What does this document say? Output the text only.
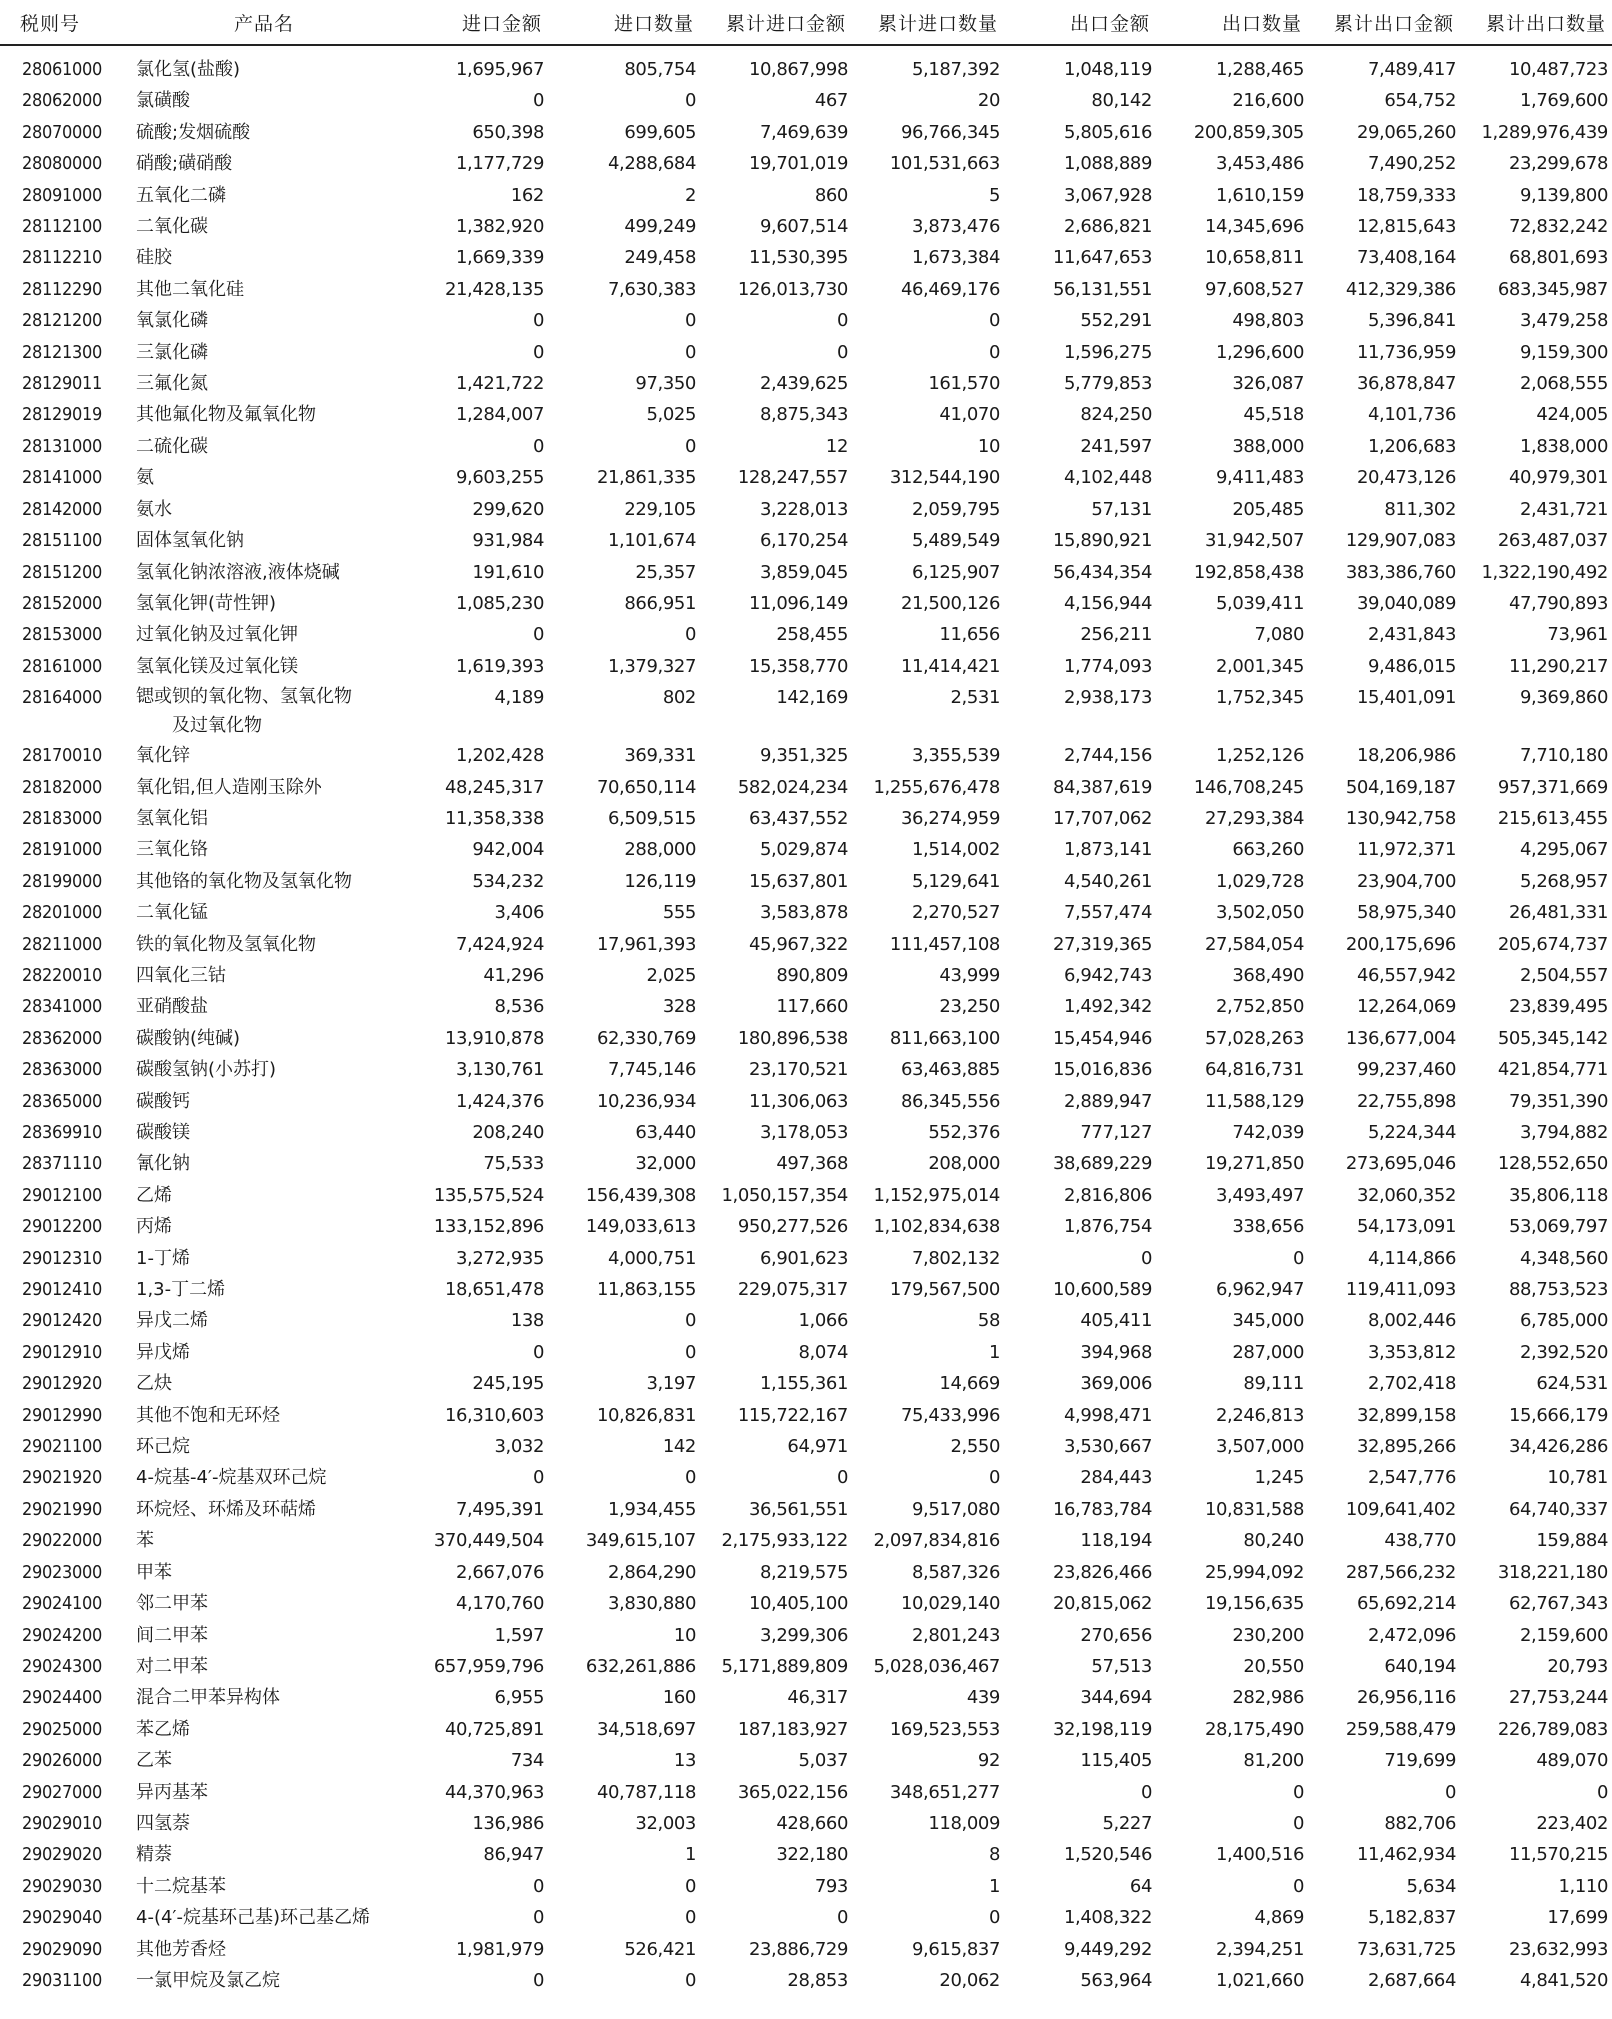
税则号	产品名	进口金额	进口数量	累计进口金额	累计进口数量	出口金额	出口数量	累计出口金额	累计出口数量
28061000	氯化氢(盐酸)	1,695,967	805,754	10,867,998	5,187,392	1,048,119	1,288,465	7,489,417	10,487,723
28062000	氯磺酸	0	0	467	20	80,142	216,600	654,752	1,769,600
28070000	硫酸;发烟硫酸	650,398	699,605	7,469,639	96,766,345	5,805,616	200,859,305	29,065,260	1,289,976,439
28080000	硝酸;磺硝酸	1,177,729	4,288,684	19,701,019	101,531,663	1,088,889	3,453,486	7,490,252	23,299,678
28091000	五氧化二磷	162	2	860	5	3,067,928	1,610,159	18,759,333	9,139,800
28112100	二氧化碳	1,382,920	499,249	9,607,514	3,873,476	2,686,821	14,345,696	12,815,643	72,832,242
28112210	硅胶	1,669,339	249,458	11,530,395	1,673,384	11,647,653	10,658,811	73,408,164	68,801,693
28112290	其他二氧化硅	21,428,135	7,630,383	126,013,730	46,469,176	56,131,551	97,608,527	412,329,386	683,345,987
28121200	氧氯化磷	0	0	0	0	552,291	498,803	5,396,841	3,479,258
28121300	三氯化磷	0	0	0	0	1,596,275	1,296,600	11,736,959	9,159,300
28129011	三氟化氮	1,421,722	97,350	2,439,625	161,570	5,779,853	326,087	36,878,847	2,068,555
28129019	其他氟化物及氟氧化物	1,284,007	5,025	8,875,343	41,070	824,250	45,518	4,101,736	424,005
28131000	二硫化碳	0	0	12	10	241,597	388,000	1,206,683	1,838,000
28141000	氨	9,603,255	21,861,335	128,247,557	312,544,190	4,102,448	9,411,483	20,473,126	40,979,301
28142000	氨水	299,620	229,105	3,228,013	2,059,795	57,131	205,485	811,302	2,431,721
28151100	固体氢氧化钠	931,984	1,101,674	6,170,254	5,489,549	15,890,921	31,942,507	129,907,083	263,487,037
28151200	氢氧化钠浓溶液,液体烧碱	191,610	25,357	3,859,045	6,125,907	56,434,354	192,858,438	383,386,760	1,322,190,492
28152000	氢氧化钾(苛性钾)	1,085,230	866,951	11,096,149	21,500,126	4,156,944	5,039,411	39,040,089	47,790,893
28153000	过氧化钠及过氧化钾	0	0	258,455	11,656	256,211	7,080	2,431,843	73,961
28161000	氢氧化镁及过氧化镁	1,619,393	1,379,327	15,358,770	11,414,421	1,774,093	2,001,345	9,486,015	11,290,217
28164000	锶或钡的氧化物、氢氧化物
及过氧化物	4,189	802	142,169	2,531	2,938,173	1,752,345	15,401,091	9,369,860
28170010	氧化锌	1,202,428	369,331	9,351,325	3,355,539	2,744,156	1,252,126	18,206,986	7,710,180
28182000	氧化铝,但人造刚玉除外	48,245,317	70,650,114	582,024,234	1,255,676,478	84,387,619	146,708,245	504,169,187	957,371,669
28183000	氢氧化铝	11,358,338	6,509,515	63,437,552	36,274,959	17,707,062	27,293,384	130,942,758	215,613,455
28191000	三氧化铬	942,004	288,000	5,029,874	1,514,002	1,873,141	663,260	11,972,371	4,295,067
28199000	其他铬的氧化物及氢氧化物	534,232	126,119	15,637,801	5,129,641	4,540,261	1,029,728	23,904,700	5,268,957
28201000	二氧化锰	3,406	555	3,583,878	2,270,527	7,557,474	3,502,050	58,975,340	26,481,331
28211000	铁的氧化物及氢氧化物	7,424,924	17,961,393	45,967,322	111,457,108	27,319,365	27,584,054	200,175,696	205,674,737
28220010	四氧化三钴	41,296	2,025	890,809	43,999	6,942,743	368,490	46,557,942	2,504,557
28341000	亚硝酸盐	8,536	328	117,660	23,250	1,492,342	2,752,850	12,264,069	23,839,495
28362000	碳酸钠(纯碱)	13,910,878	62,330,769	180,896,538	811,663,100	15,454,946	57,028,263	136,677,004	505,345,142
28363000	碳酸氢钠(小苏打)	3,130,761	7,745,146	23,170,521	63,463,885	15,016,836	64,816,731	99,237,460	421,854,771
28365000	碳酸钙	1,424,376	10,236,934	11,306,063	86,345,556	2,889,947	11,588,129	22,755,898	79,351,390
28369910	碳酸镁	208,240	63,440	3,178,053	552,376	777,127	742,039	5,224,344	3,794,882
28371110	氰化钠	75,533	32,000	497,368	208,000	38,689,229	19,271,850	273,695,046	128,552,650
29012100	乙烯	135,575,524	156,439,308	1,050,157,354	1,152,975,014	2,816,806	3,493,497	32,060,352	35,806,118
29012200	丙烯	133,152,896	149,033,613	950,277,526	1,102,834,638	1,876,754	338,656	54,173,091	53,069,797
29012310	1-丁烯	3,272,935	4,000,751	6,901,623	7,802,132	0	0	4,114,866	4,348,560
29012410	1,3-丁二烯	18,651,478	11,863,155	229,075,317	179,567,500	10,600,589	6,962,947	119,411,093	88,753,523
29012420	异戊二烯	138	0	1,066	58	405,411	345,000	8,002,446	6,785,000
29012910	异戊烯	0	0	8,074	1	394,968	287,000	3,353,812	2,392,520
29012920	乙炔	245,195	3,197	1,155,361	14,669	369,006	89,111	2,702,418	624,531
29012990	其他不饱和无环烃	16,310,603	10,826,831	115,722,167	75,433,996	4,998,471	2,246,813	32,899,158	15,666,179
29021100	环己烷	3,032	142	64,971	2,550	3,530,667	3,507,000	32,895,266	34,426,286
29021920	4-烷基-4′-烷基双环己烷	0	0	0	0	284,443	1,245	2,547,776	10,781
29021990	环烷烃、环烯及环萜烯	7,495,391	1,934,455	36,561,551	9,517,080	16,783,784	10,831,588	109,641,402	64,740,337
29022000	苯	370,449,504	349,615,107	2,175,933,122	2,097,834,816	118,194	80,240	438,770	159,884
29023000	甲苯	2,667,076	2,864,290	8,219,575	8,587,326	23,826,466	25,994,092	287,566,232	318,221,180
29024100	邻二甲苯	4,170,760	3,830,880	10,405,100	10,029,140	20,815,062	19,156,635	65,692,214	62,767,343
29024200	间二甲苯	1,597	10	3,299,306	2,801,243	270,656	230,200	2,472,096	2,159,600
29024300	对二甲苯	657,959,796	632,261,886	5,171,889,809	5,028,036,467	57,513	20,550	640,194	20,793
29024400	混合二甲苯异构体	6,955	160	46,317	439	344,694	282,986	26,956,116	27,753,244
29025000	苯乙烯	40,725,891	34,518,697	187,183,927	169,523,553	32,198,119	28,175,490	259,588,479	226,789,083
29026000	乙苯	734	13	5,037	92	115,405	81,200	719,699	489,070
29027000	异丙基苯	44,370,963	40,787,118	365,022,156	348,651,277	0	0	0	0
29029010	四氢萘	136,986	32,003	428,660	118,009	5,227	0	882,706	223,402
29029020	精萘	86,947	1	322,180	8	1,520,546	1,400,516	11,462,934	11,570,215
29029030	十二烷基苯	0	0	793	1	64	0	5,634	1,110
29029040	4-(4′-烷基环己基)环己基乙烯	0	0	0	0	1,408,322	4,869	5,182,837	17,699
29029090	其他芳香烃	1,981,979	526,421	23,886,729	9,615,837	9,449,292	2,394,251	73,631,725	23,632,993
29031100	一氯甲烷及氯乙烷	0	0	28,853	20,062	563,964	1,021,660	2,687,664	4,841,520
